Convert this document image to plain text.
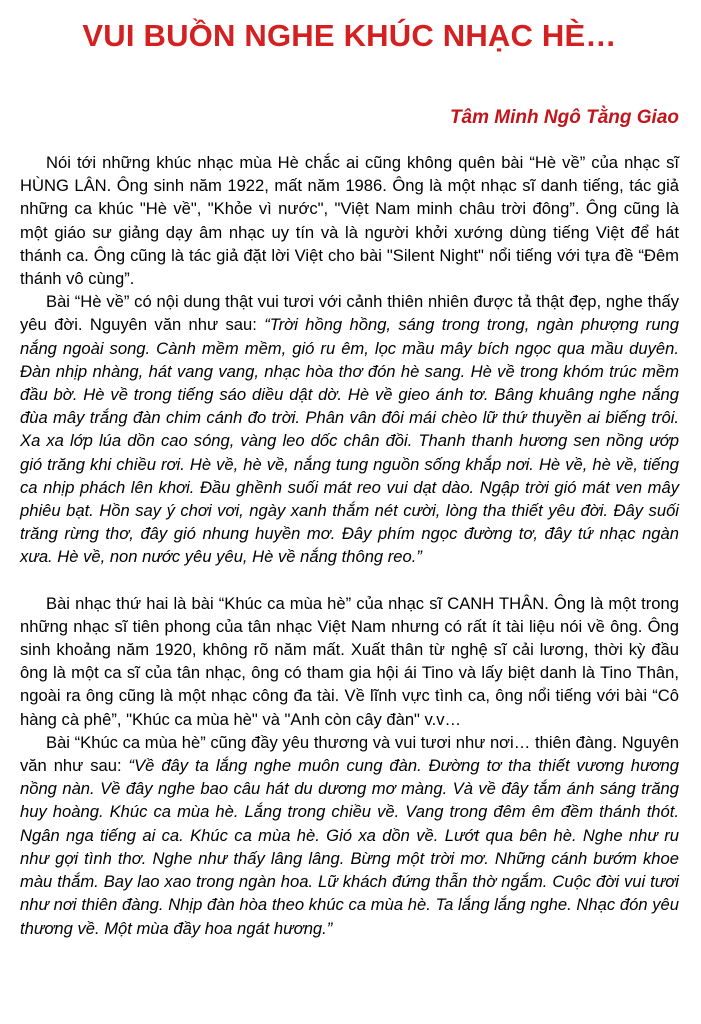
VUI BUỒN NGHE KHÚC NHẠC HÈ…
Tâm Minh Ngô Tằng Giao

Nói tới những khúc nhạc mùa Hè chắc ai cũng không quên bài “Hè về” của nhạc sĩ HÙNG LÂN. Ông sinh năm 1922, mất năm 1986. Ông là một nhạc sĩ danh tiếng, tác giả những ca khúc "Hè về", "Khỏe vì nước", "Việt Nam minh châu trời đông”. Ông cũng là một giáo sư giảng dạy âm nhạc uy tín và là người khởi xướng dùng tiếng Việt để hát thánh ca. Ông cũng là tác giả đặt lời Việt cho bài "Silent Night" nổi tiếng với tựa đề “Đêm thánh vô cùng”.

Bài “Hè về” có nội dung thật vui tươi với cảnh thiên nhiên được tả thật đẹp, nghe thấy yêu đời. Nguyên văn như sau: “Trời hồng hồng, sáng trong trong, ngàn phượng rung nắng ngoài song. Cành mềm mềm, gió ru êm, lọc mầu mây bích ngọc qua mầu duyên. Đàn nhịp nhàng, hát vang vang, nhạc hòa thơ đón hè sang. Hè về trong khóm trúc mềm đầu bờ. Hè về trong tiếng sáo diều dật dờ. Hè về gieo ánh tơ. Bâng khuâng nghe nắng đùa mây trắng đàn chim cánh đo trời. Phân vân đôi mái chèo lữ thứ thuyền ai biếng trôi. Xa xa lớp lúa dồn cao sóng, vàng leo dốc chân đồi. Thanh thanh hương sen nồng ướp gió trăng khi chiều rơi. Hè về, hè về, nắng tung nguồn sống khắp nơi. Hè về, hè về, tiếng ca nhịp phách lên khơi. Đầu ghềnh suối mát reo vui dạt dào. Ngập trời gió mát ven mây phiêu bạt. Hồn say ý chơi vơi, ngày xanh thắm nét cười, lòng tha thiết yêu đời. Đây suối trăng rừng thơ, đây gió nhung huyền mơ. Đây phím ngọc đường tơ, đây tứ nhạc ngàn xưa. Hè về, non nước yêu yêu, Hè về nắng thông reo.”

Bài nhạc thứ hai là bài “Khúc ca mùa hè” của nhạc sĩ CANH THÂN. Ông là một trong những nhạc sĩ tiên phong của tân nhạc Việt Nam nhưng có rất ít tài liệu nói về ông. Ông sinh khoảng năm 1920, không rõ năm mất. Xuất thân từ nghệ sĩ cải lương, thời kỳ đầu ông là một ca sĩ của tân nhạc, ông có tham gia hội ái Tino và lấy biệt danh là Tino Thân, ngoài ra ông cũng là một nhạc công đa tài. Về lĩnh vực tình ca, ông nổi tiếng với bài “Cô hàng cà phê”, "Khúc ca mùa hè" và "Anh còn cây đàn" v.v…

Bài “Khúc ca mùa hè” cũng đầy yêu thương và vui tươi như nơi… thiên đàng. Nguyên văn như sau: “Về đây ta lắng nghe muôn cung đàn. Đường tơ tha thiết vương hương nồng nàn. Về đây nghe bao câu hát du dương mơ màng. Và về đây tắm ánh sáng trăng huy hoàng. Khúc ca mùa hè. Lắng trong chiều về. Vang trong đêm êm đềm thánh thót. Ngân nga tiếng ai ca. Khúc ca mùa hè. Gió xa dồn về. Lướt qua bên hè. Nghe như ru như gợi tình thơ. Nghe như thấy lâng lâng. Bừng một trời mơ. Những cánh bướm khoe màu thắm. Bay lao xao trong ngàn hoa. Lữ khách đứng thẫn thờ ngắm. Cuộc đời vui tươi như nơi thiên đàng. Nhịp đàn hòa theo khúc ca mùa hè. Ta lắng lắng nghe. Nhạc đón yêu thương về. Một mùa đầy hoa ngát hương.”
